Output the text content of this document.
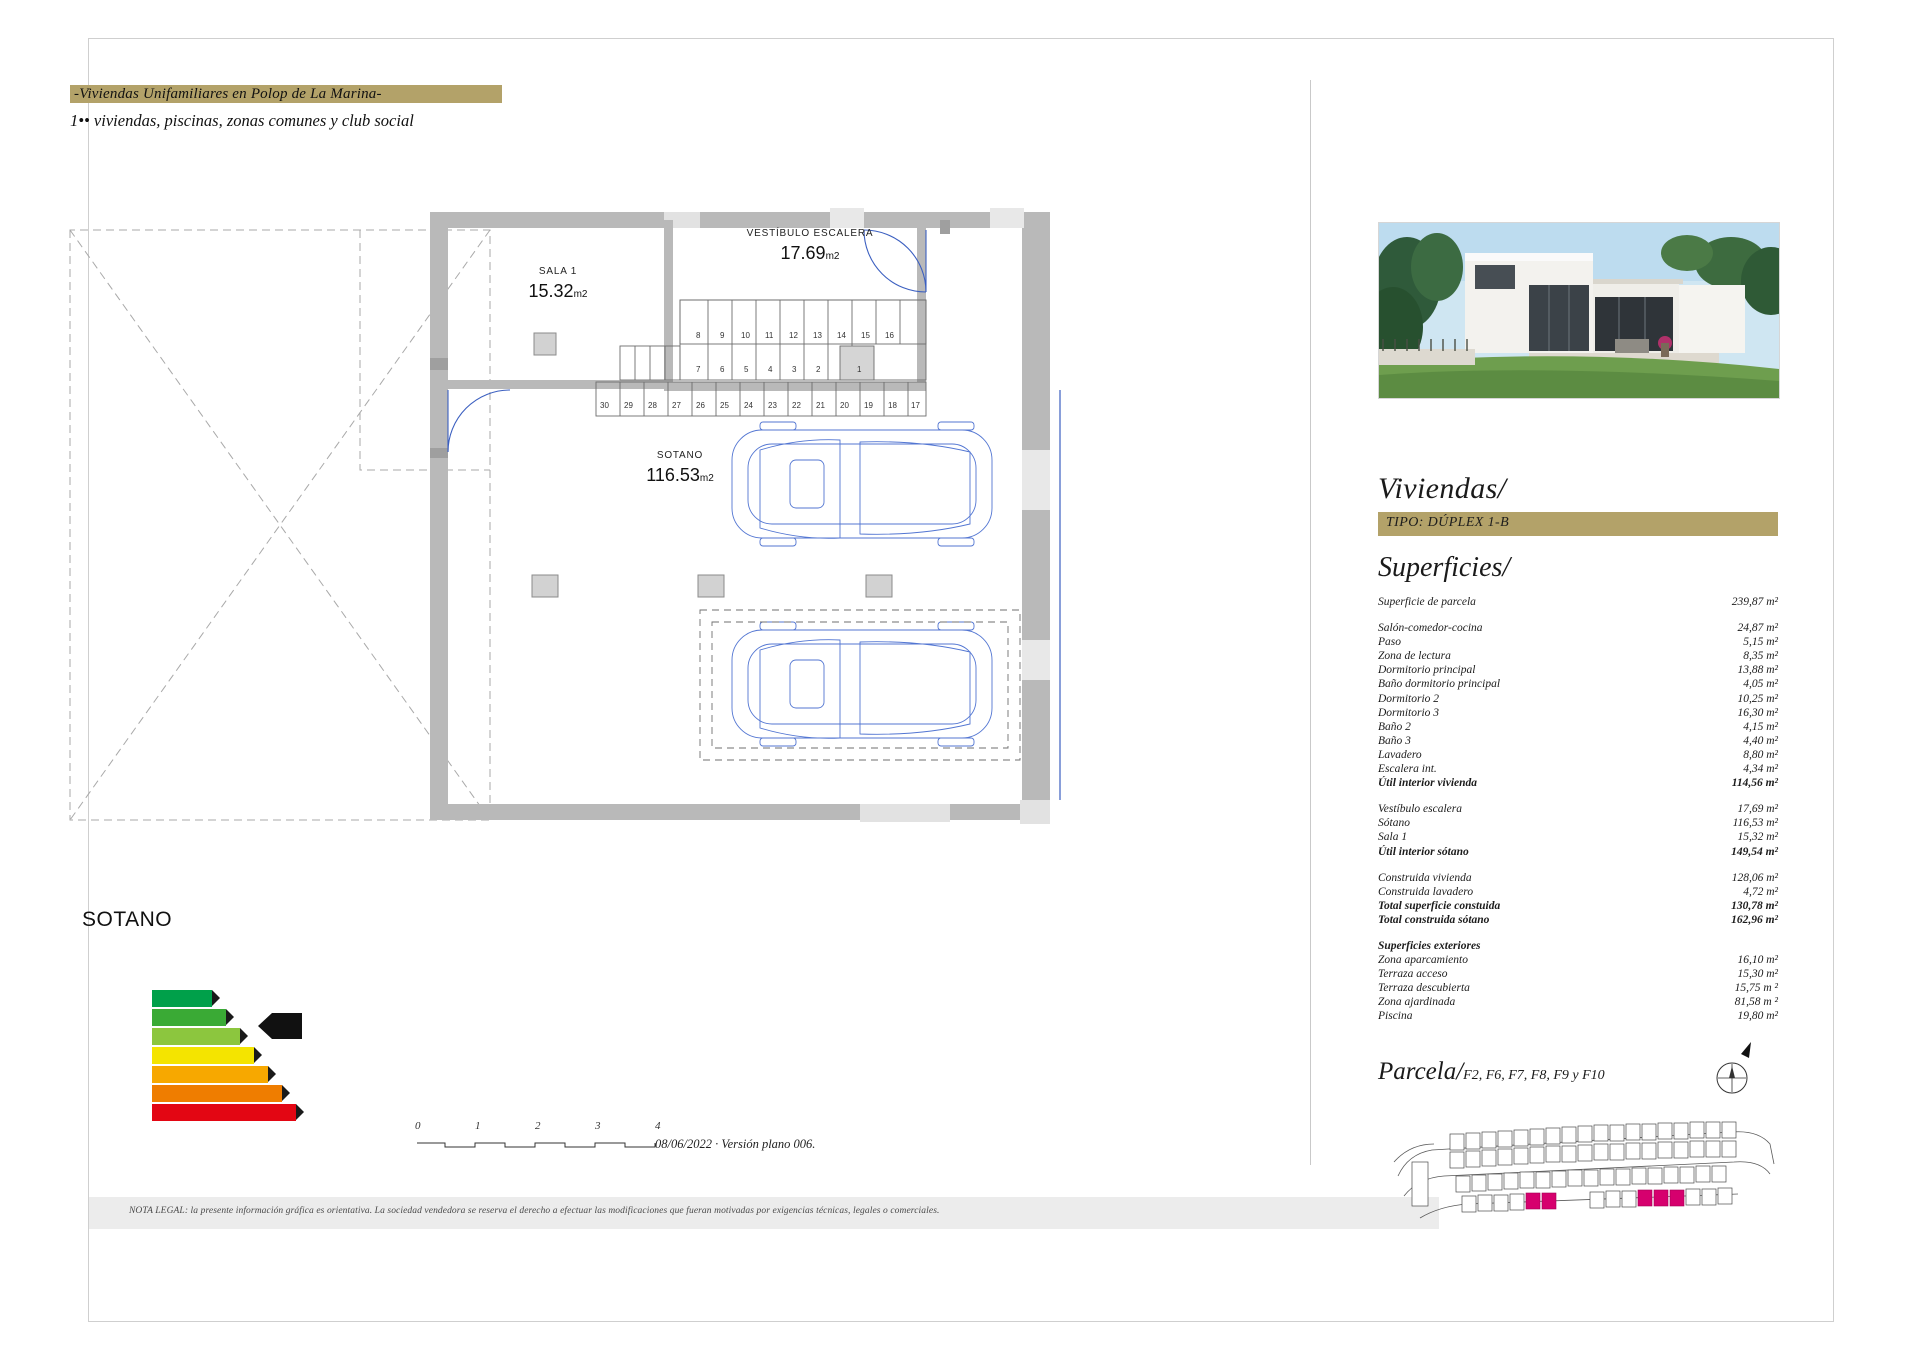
-Viviendas Unifamiliares en Polop de La Marina-
1•• viviendas, piscinas, zonas comunes y club social
8 9 10 11 12 13 14 15 16
7 6 5 4 3 2	1
30 29 28 27 26 25 24 23 22 21 20 19 18 17
SALA 1
15.32m2
VESTÍBULO ESCALERA
17.69m2
SOTANO
116.53m2
SOTANO
A
B
C
D
E
F
G
0	1	2	3	4
08/06/2022 · Versión plano 006.

NOTA LEGAL: la presente información gráfica es orientativa. La sociedad vendedora se reserva el derecho a efectuar las modificaciones que fueran motivadas por exigencias técnicas, legales o comerciales.

Viviendas/
TIPO: DÚPLEX 1-B
Superficies/
Superficie de parcela	239,87 m²
Salón-comedor-cocina	24,87 m²
Paso	5,15 m²
Zona de lectura	8,35 m²
Dormitorio principal	13,88 m²
Baño dormitorio principal	4,05 m²
Dormitorio 2	10,25 m²
Dormitorio 3	16,30 m²
Baño 2	4,15 m²
Baño 3	4,40 m²
Lavadero	8,80 m²
Escalera int.	4,34 m²
Útil interior vivienda	114,56 m²
Vestíbulo escalera	17,69 m²
Sótano	116,53 m²
Sala 1	15,32 m²
Útil interior sótano	149,54 m²
Construida vivienda	128,06 m²
Construida lavadero	4,72 m²
Total superficie constuida	130,78 m²
Total construida sótano	162,96 m²
Superficies exteriores
Zona aparcamiento	16,10 m²
Terraza acceso	15,30 m²
Terraza descubierta	15,75 m ²
Zona ajardinada	81,58 m ²
Piscina	19,80 m²
Parcela/F2, F6, F7, F8, F9 y F10
